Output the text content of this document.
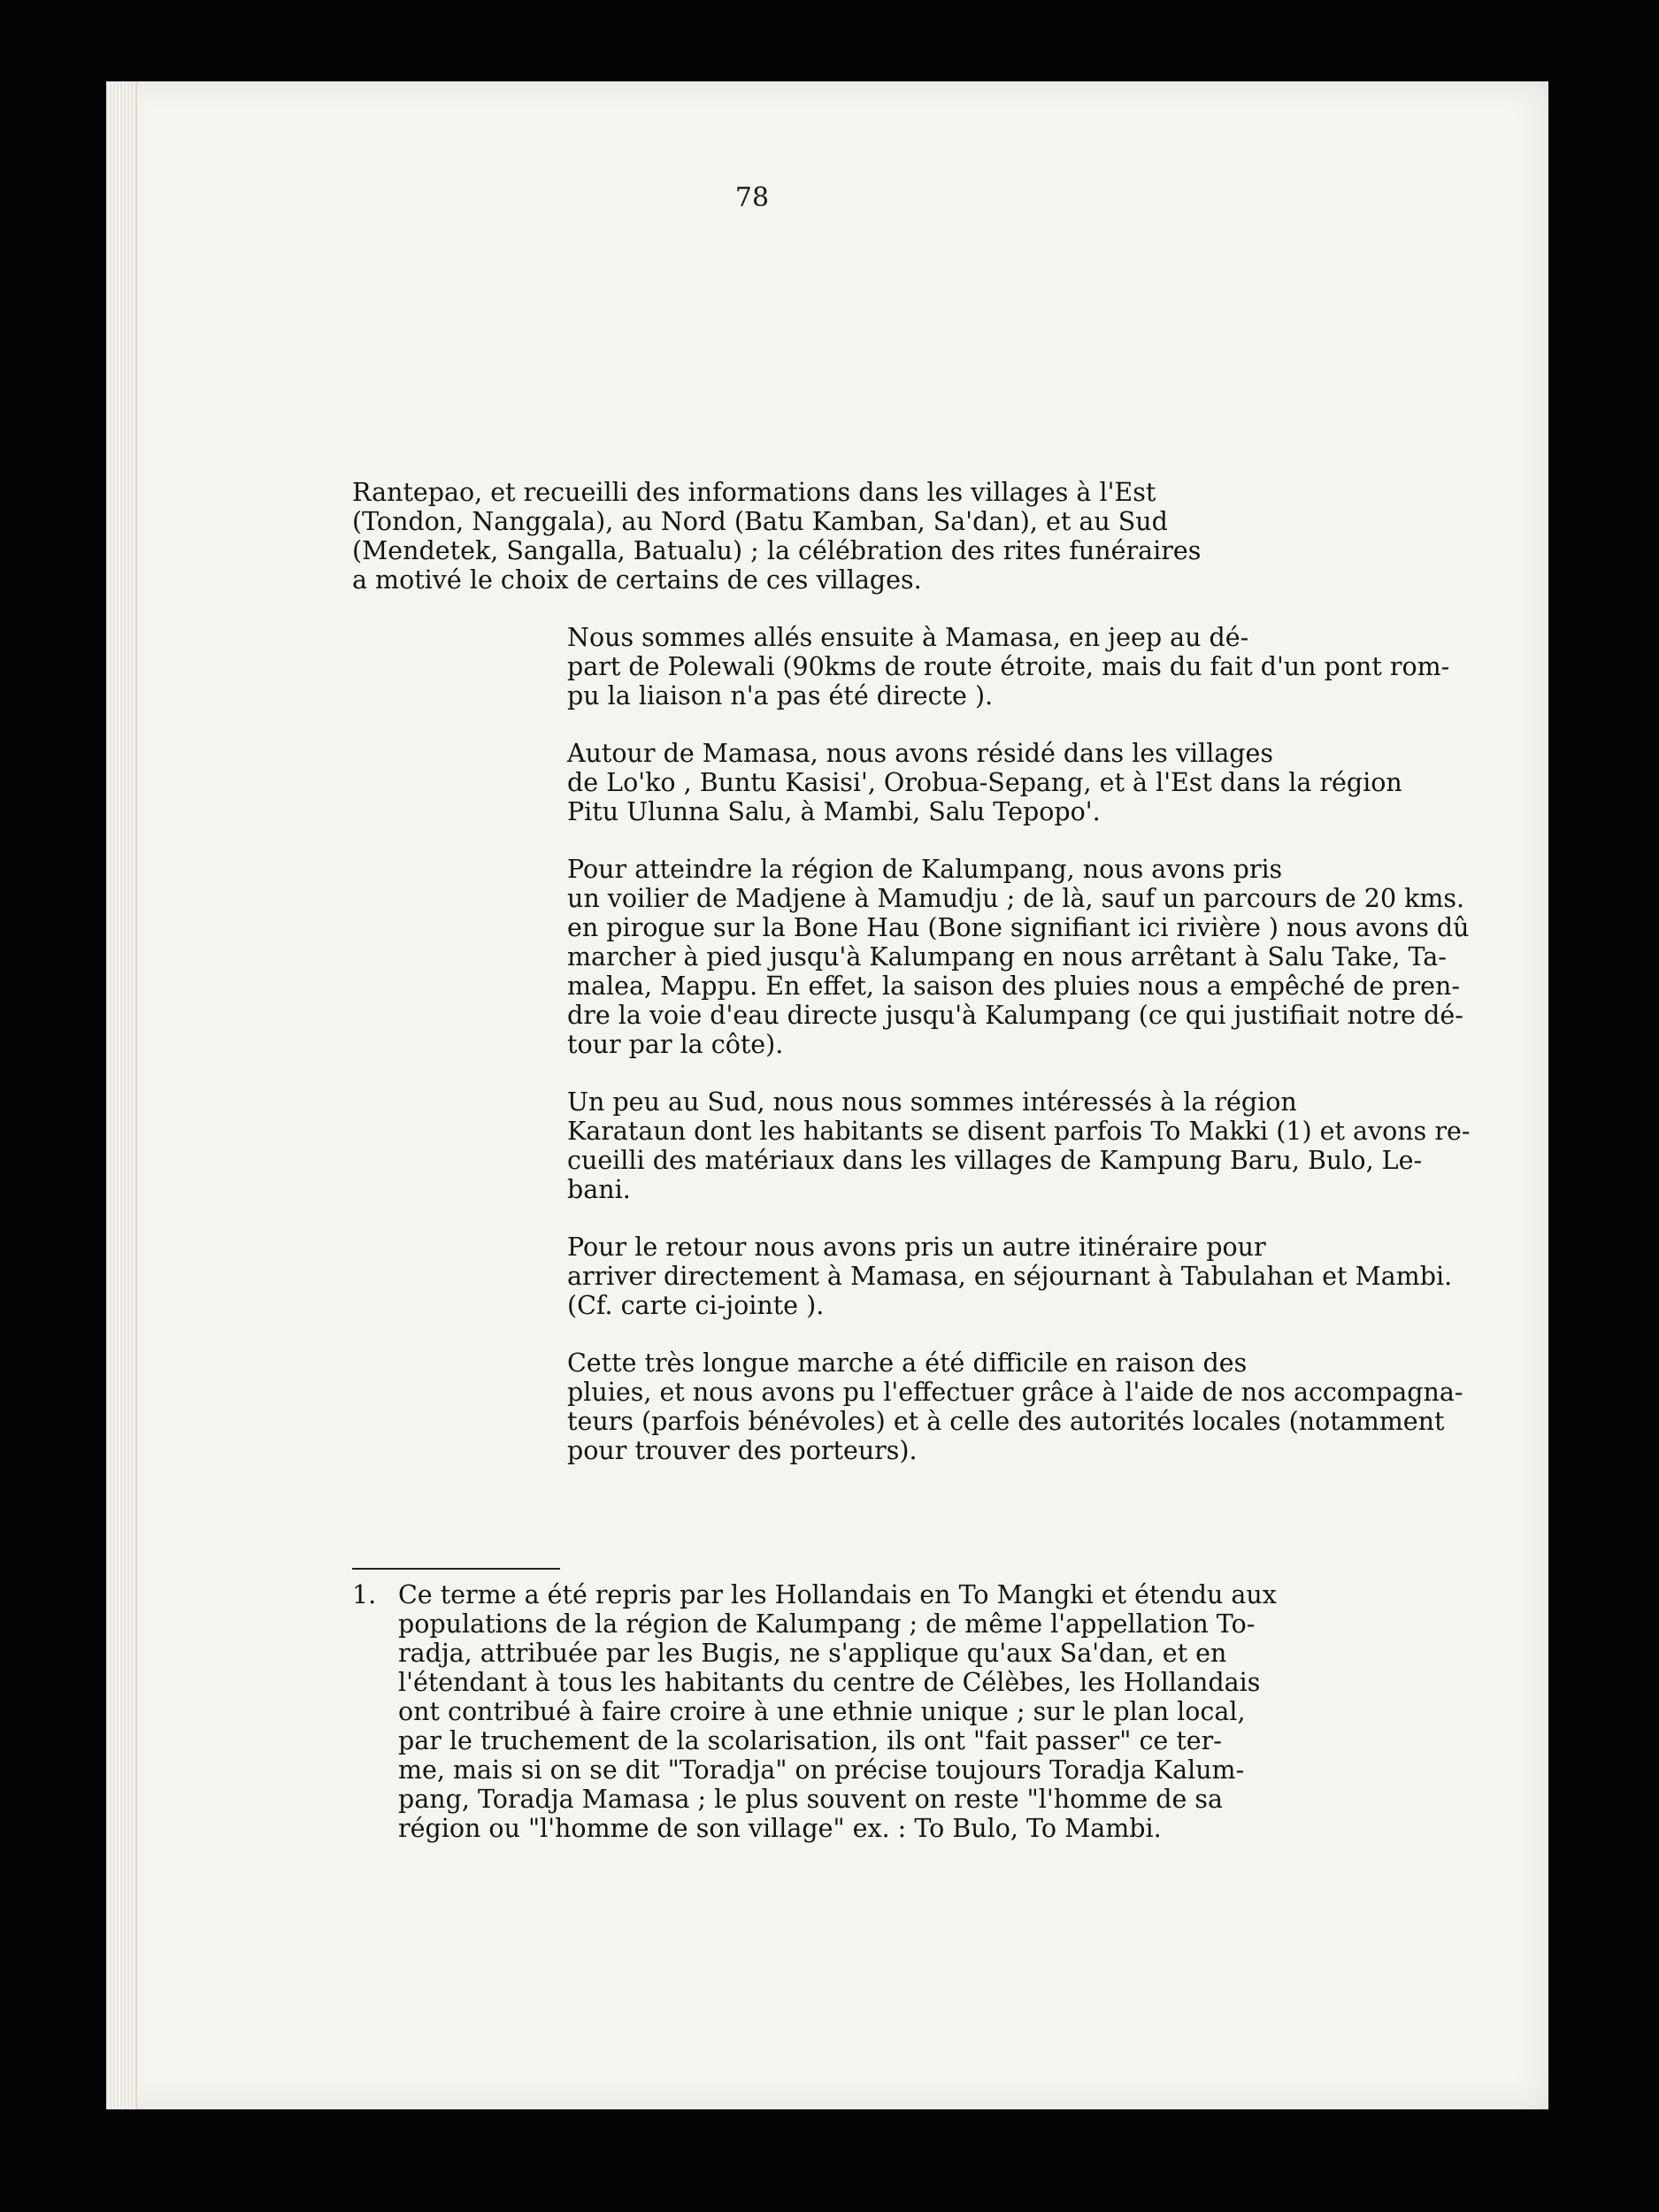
78

Rantepao, et recueilli des informations dans les villages à l'Est
(Tondon, Nanggala), au Nord (Batu Kamban, Sa'dan), et au Sud
(Mendetek, Sangalla, Batualu) ; la célébration des rites funéraires
a motivé le choix de certains de ces villages.

Nous sommes allés ensuite à Mamasa, en jeep au dé-
part de Polewali (90kms de route étroite, mais du fait d'un pont rom-
pu la liaison n'a pas été directe ).

Autour de Mamasa, nous avons résidé dans les villages
de Lo'ko , Buntu Kasisi', Orobua-Sepang, et à l'Est dans la région
Pitu Ulunna Salu, à Mambi, Salu Tepopo'.

Pour atteindre la région de Kalumpang, nous avons pris
un voilier de Madjene à Mamudju ; de là, sauf un parcours de 20 kms.
en pirogue sur la Bone Hau (Bone signifiant ici rivière ) nous avons dû
marcher à pied jusqu'à Kalumpang en nous arrêtant à Salu Take, Ta-
malea, Mappu. En effet, la saison des pluies nous a empêché de pren-
dre la voie d'eau directe jusqu'à Kalumpang (ce qui justifiait notre dé-
tour par la côte).

Un peu au Sud, nous nous sommes intéressés à la région
Karataun dont les habitants se disent parfois To Makki (1) et avons re-
cueilli des matériaux dans les villages de Kampung Baru, Bulo, Le-
bani.

Pour le retour nous avons pris un autre itinéraire pour
arriver directement à Mamasa, en séjournant à Tabulahan et Mambi.
(Cf. carte ci-jointe ).

Cette très longue marche a été difficile en raison des
pluies, et nous avons pu l'effectuer grâce à l'aide de nos accompagna-
teurs (parfois bénévoles) et à celle des autorités locales (notamment
pour trouver des porteurs).

1. Ce terme a été repris par les Hollandais en To Mangki et étendu aux
populations de la région de Kalumpang ; de même l'appellation To-
radja, attribuée par les Bugis, ne s'applique qu'aux Sa'dan, et en
l'étendant à tous les habitants du centre de Célèbes, les Hollandais
ont contribué à faire croire à une ethnie unique ; sur le plan local,
par le truchement de la scolarisation, ils ont "fait passer" ce ter-
me, mais si on se dit "Toradja" on précise toujours Toradja Kalum-
pang, Toradja Mamasa ; le plus souvent on reste "l'homme de sa
région ou "l'homme de son village" ex. : To Bulo, To Mambi.
